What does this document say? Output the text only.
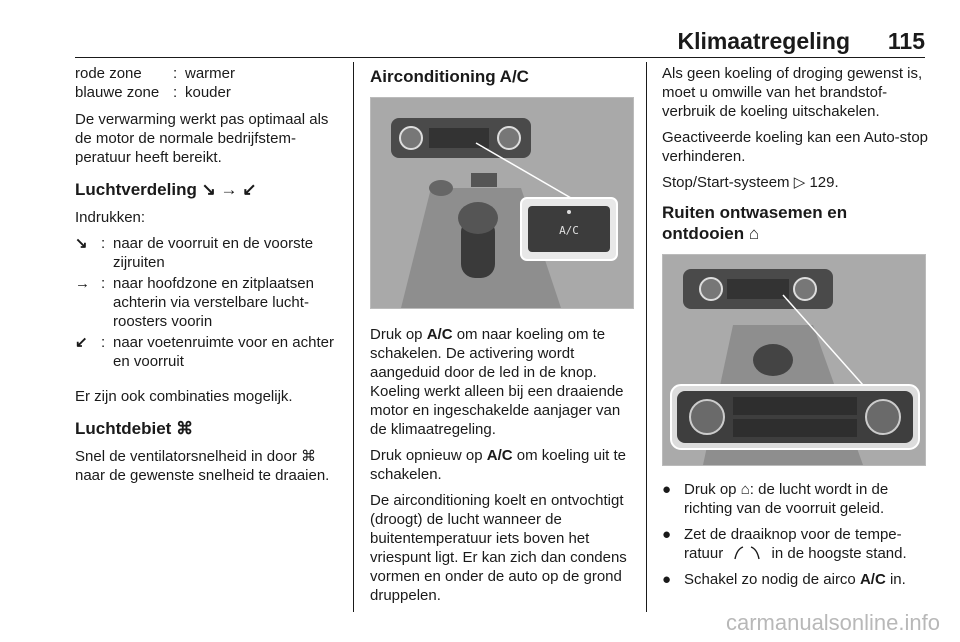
Klimaatregeling 115
rode zone	: warmer
blauwe zone : kouder

De verwarming werkt pas optimaal als de motor de normale bedrijfstemperatuur heeft bereikt.

Luchtverdeling ↘ → ↙

Indrukken:

↘ : naar de voorruit en de voorste zijruiten
→ : naar hoofdzone en zitplaatsen achterin via verstelbare luchtroosters voorin
↙ : naar voetenruimte voor en achter en voorruit

Er zijn ook combinaties mogelijk.

Luchtdebiet ⌘

Snel de ventilatorsnelheid in door ⌘ naar de gewenste snelheid te draaien.

Airconditioning A/C
A/C

Druk op A/C om naar koeling om te schakelen. De activering wordt aangeduid door de led in de knop. Koeling werkt alleen bij een draaiende motor en ingeschakelde aanjager van de klimaatregeling.

Druk opnieuw op A/C om koeling uit te schakelen.

De airconditioning koelt en ontvochtigt (droogt) de lucht wanneer de buitentemperatuur iets boven het vriespunt ligt. Er kan zich dan condens vormen en onder de auto op de grond druppelen.

Als geen koeling of droging gewenst is, moet u omwille van het brandstofverbruik de koeling uitschakelen.

Geactiveerde koeling kan een Auto-stop verhinderen.

Stop/Start-systeem ▷ 129.

Ruiten ontwasemen en
ontdooien ⌂
● Druk op ⌂: de lucht wordt in de richting van de voorruit geleid.
● Zet de draaiknop voor de temperatuur	in de hoogste stand.
● Schakel zo nodig de airco A/C in.
carmanualsonline.info
